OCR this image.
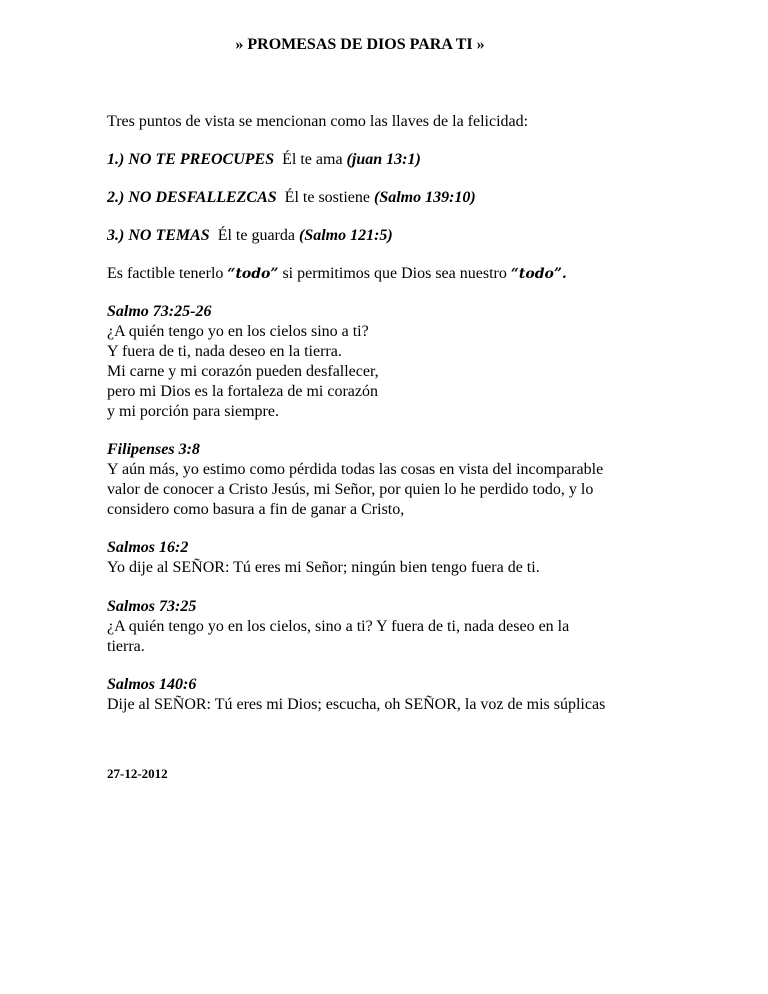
» PROMESAS DE DIOS PARA TI »
Tres puntos de vista se mencionan como las llaves de la felicidad:
1.) NO TE PREOCUPES Él te ama (juan 13:1)
2.) NO DESFALLEZCAS Él te sostiene (Salmo 139:10)
3.) NO TEMAS Él te guarda (Salmo 121:5)
Es factible tenerlo “todo” si permitimos que Dios sea nuestro “todo”.
Salmo 73:25-26
¿A quién tengo yo en los cielos sino a ti?
Y fuera de ti, nada deseo en la tierra.
Mi carne y mi corazón pueden desfallecer,
pero mi Dios es la fortaleza de mi corazón
y mi porción para siempre.
Filipenses 3:8
Y aún más, yo estimo como pérdida todas las cosas en vista del incomparable
valor de conocer a Cristo Jesús, mi Señor, por quien lo he perdido todo, y lo
considero como basura a fin de ganar a Cristo,
Salmos 16:2
Yo dije al SEÑOR: Tú eres mi Señor; ningún bien tengo fuera de ti.
Salmos 73:25
¿A quién tengo yo en los cielos, sino a ti? Y fuera de ti, nada deseo en la
tierra.
Salmos 140:6
Dije al SEÑOR: Tú eres mi Dios; escucha, oh SEÑOR, la voz de mis súplicas
27-12-2012
